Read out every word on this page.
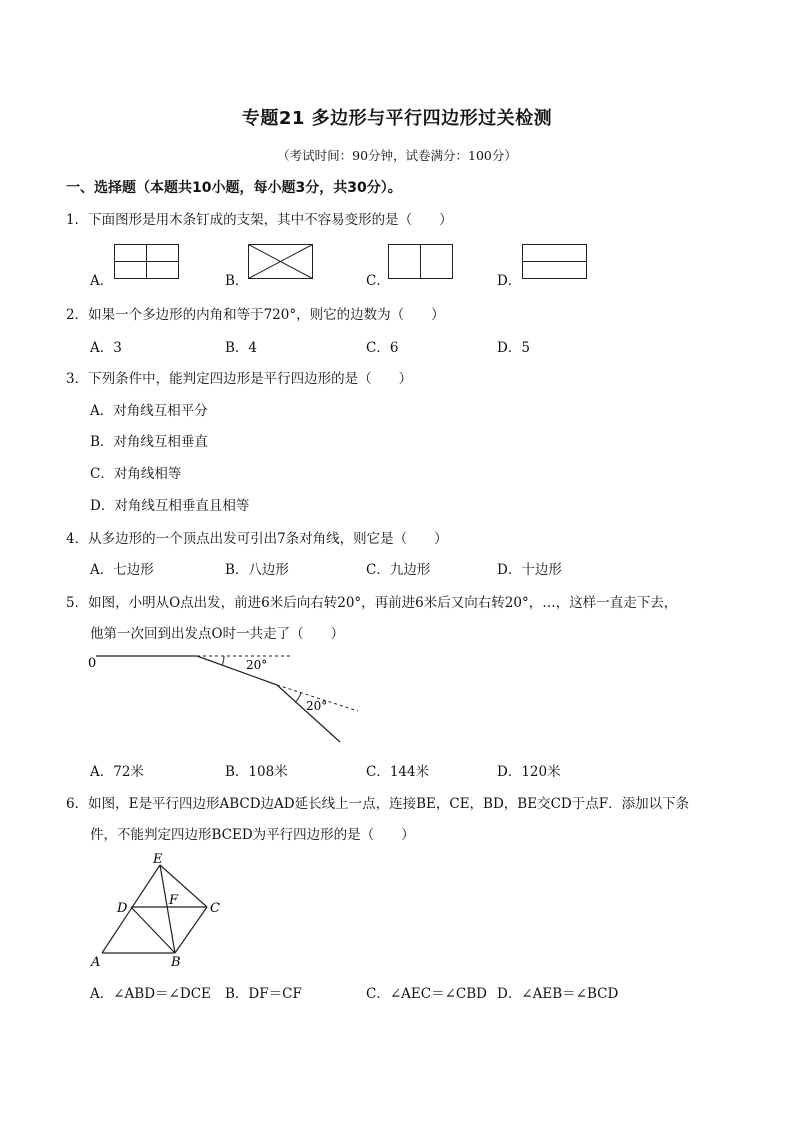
专题21 多边形与平行四边形过关检测
（考试时间：90分钟，试卷满分：100分）
一、选择题（本题共10小题，每小题3分，共30分）。
1．下面图形是用木条钉成的支架，其中不容易变形的是（　　）
A．	B．	C．	D．
2．如果一个多边形的内角和等于720°，则它的边数为（　　）
A．3	B．4	C．6	D．5
3．下列条件中，能判定四边形是平行四边形的是（　　）
A．对角线互相平分
B．对角线互相垂直
C．对角线相等
D．对角线互相垂直且相等
4．从多边形的一个顶点出发可引出7条对角线，则它是（　　）
A．七边形	B．八边形	C．九边形	D．十边形
5．如图，小明从O点出发，前进6米后向右转20°，再前进6米后又向右转20°，…，这样一直走下去，
他第一次回到出发点O时一共走了（　　）
0	20°
20°
A．72米	B．108米	C．144米	D．120米
6．如图，E是平行四边形ABCD边AD延长线上一点，连接BE，CE，BD，BE交CD于点F．添加以下条
件，不能判定四边形BCED为平行四边形的是（　　）
E
D
F
C
A	B
A．∠ABD＝∠DCE B．DF＝CF	C．∠AEC＝∠CBD D．∠AEB＝∠BCD
